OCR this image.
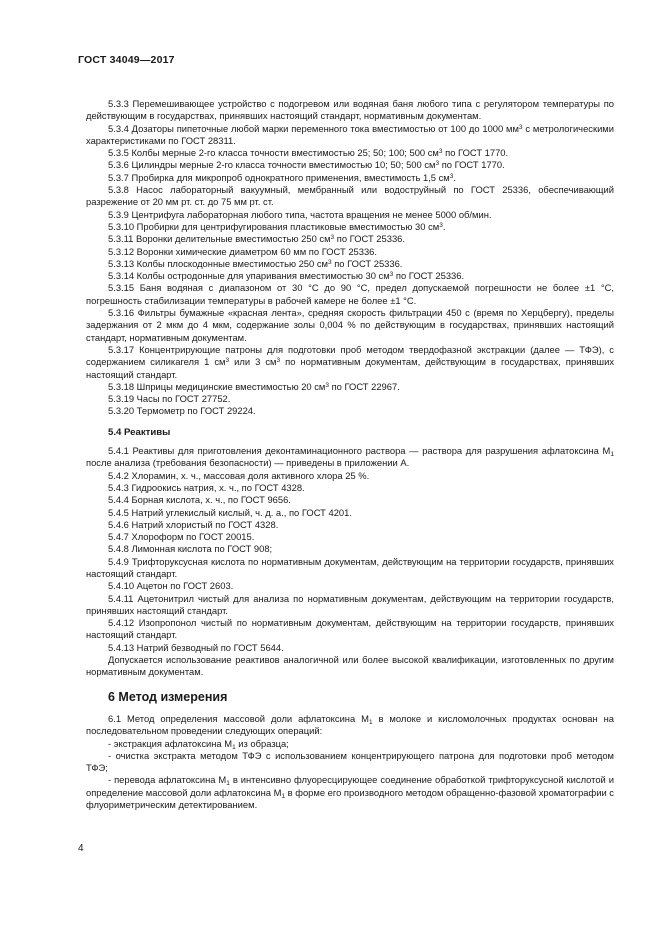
ГОСТ 34049—2017

5.3.3 Перемешивающее устройство с подогревом или водяная баня любого типа с регулятором температуры по действующим в государствах, принявших настоящий стандарт, нормативным документам.

5.3.4 Дозаторы пипеточные любой марки переменного тока вместимостью от 100 до 1000 $мм^3$ с метрологическими характеристиками по ГОСТ 28311.

5.3.5 Колбы мерные 2-го класса точности вместимостью 25; 50; 100; 500 $см^3$ по ГОСТ 1770.

5.3.6 Цилиндры мерные 2-го класса точности вместимостью 10; 50; 500 $см^3$ по ГОСТ 1770.

5.3.7 Пробирка для микропроб однократного применения, вместимость 1,5 $см^3$.

5.3.8 Насос лабораторный вакуумный, мембранный или водоструйный по ГОСТ 25336, обеспечивающий разрежение от 20 мм рт. ст. до 75 мм рт. ст.

5.3.9 Центрифуга лабораторная любого типа, частота вращения не менее 5000 об/мин.

5.3.10 Пробирки для центрифугирования пластиковые вместимостью 30 $см^3$.

5.3.11 Воронки делительные вместимостью 250 $см^3$ по ГОСТ 25336.

5.3.12 Воронки химические диаметром 60 мм по ГОСТ 25336.

5.3.13 Колбы плоскодонные вместимостью 250 $см^3$ по ГОСТ 25336.

5.3.14 Колбы остродонные для упаривания вместимостью 30 $см^3$ по ГОСТ 25336.

5.3.15 Баня водяная с диапазоном от 30 °С до 90 °С, предел допускаемой погрешности не более ±1 °С, погрешность стабилизации температуры в рабочей камере не более ±1 °С.

5.3.16 Фильтры бумажные «красная лента», средняя скорость фильтрации 450 с (время по Херцбергу), пределы задержания от 2 мкм до 4 мкм, содержание золы 0,004 % по действующим в государствах, принявших настоящий стандарт, нормативным документам.

5.3.17 Концентрирующие патроны для подготовки проб методом твердофазной экстракции (далее — ТФЭ), с содержанием силикагеля 1 $см^3$ или 3 $см^3$ по нормативным документам, действующим в государствах, принявших настоящий стандарт.

5.3.18 Шприцы медицинские вместимостью 20 $см^3$ по ГОСТ 22967.

5.3.19 Часы по ГОСТ 27752.

5.3.20 Термометр по ГОСТ 29224.

5.4 Реактивы

5.4.1 Реактивы для приготовления деконтаминационного раствора — раствора для разрушения афлатоксина $М_1$ после анализа (требования безопасности) — приведены в приложении А.

5.4.2 Хлорамин, х. ч., массовая доля активного хлора 25 %.

5.4.3 Гидроокись натрия, х. ч., по ГОСТ 4328.

5.4.4 Борная кислота, х. ч., по ГОСТ 9656.

5.4.5 Натрий углекислый кислый, ч. д. а., по ГОСТ 4201.

5.4.6 Натрий хлористый по ГОСТ 4328.

5.4.7 Хлороформ по ГОСТ 20015.

5.4.8 Лимонная кислота по ГОСТ 908;

5.4.9 Трифторуксусная кислота по нормативным документам, действующим на территории государств, принявших настоящий стандарт.

5.4.10 Ацетон по ГОСТ 2603.

5.4.11 Ацетонитрил чистый для анализа по нормативным документам, действующим на территории государств, принявших настоящий стандарт.

5.4.12 Изопропонол чистый по нормативным документам, действующим на территории государств, принявших настоящий стандарт.

5.4.13 Натрий безводный по ГОСТ 5644.

Допускается использование реактивов аналогичной или более высокой квалификации, изготовленных по другим нормативным документам.

6 Метод измерения

6.1 Метод определения массовой доли афлатоксина $М_1$ в молоке и кисломолочных продуктах основан на последовательном проведении следующих операций:

- экстракция афлатоксина $М_1$ из образца;

- очистка экстракта методом ТФЭ с использованием концентрирующего патрона для подготовки проб методом ТФЭ;

- перевода афлатоксина $М_1$ в интенсивно флуоресцирующее соединение обработкой трифторуксусной кислотой и определение массовой доли афлатоксина $М_1$ в форме его производного методом обращенно-фазовой хроматографии с флуориметрическим детектированием.

4
